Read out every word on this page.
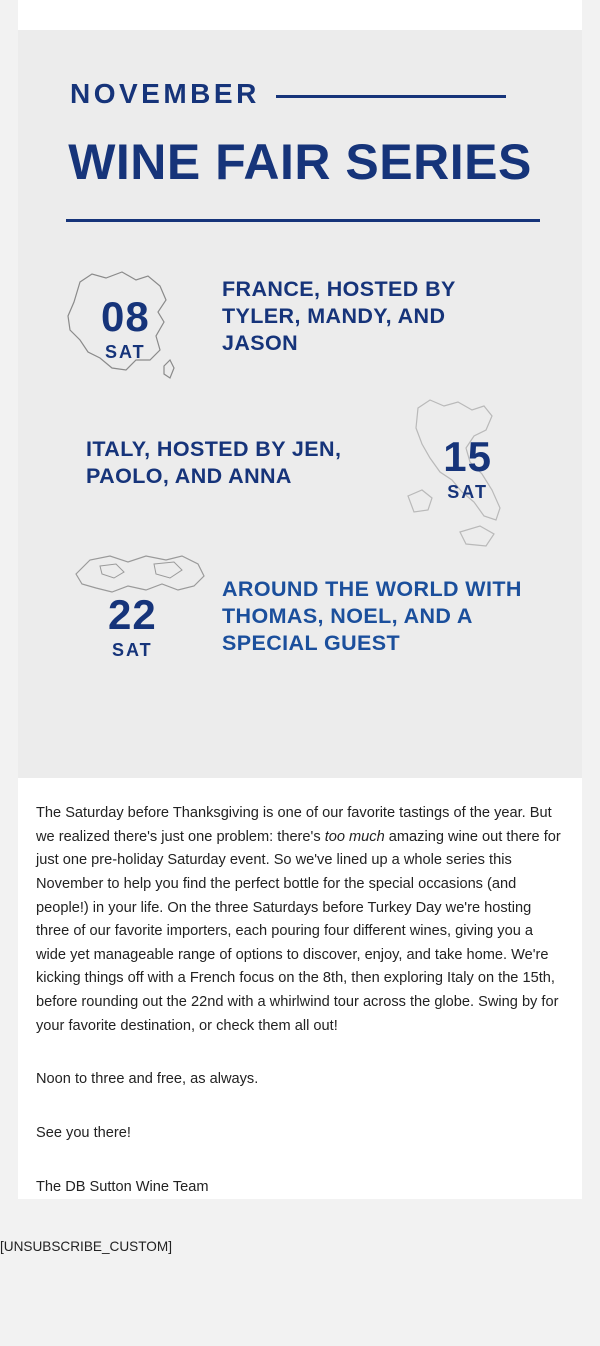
NOVEMBER
WINE FAIR SERIES
08
SAT
FRANCE, HOSTED BY TYLER, MANDY, AND JASON
15
SAT
ITALY, HOSTED BY JEN, PAOLO, AND ANNA
22
SAT
AROUND THE WORLD WITH THOMAS, NOEL, AND A SPECIAL GUEST

The Saturday before Thanksgiving is one of our favorite tastings of the year. But we realized there's just one problem: there's too much amazing wine out there for just one pre-holiday Saturday event. So we've lined up a whole series this November to help you find the perfect bottle for the special occasions (and people!) in your life. On the three Saturdays before Turkey Day we're hosting three of our favorite importers, each pouring four different wines, giving you a wide yet manageable range of options to discover, enjoy, and take home. We're kicking things off with a French focus on the 8th, then exploring Italy on the 15th, before rounding out the 22nd with a whirlwind tour across the globe. Swing by for your favorite destination, or check them all out!

Noon to three and free, as always.

See you there!

The DB Sutton Wine Team

[UNSUBSCRIBE_CUSTOM]
